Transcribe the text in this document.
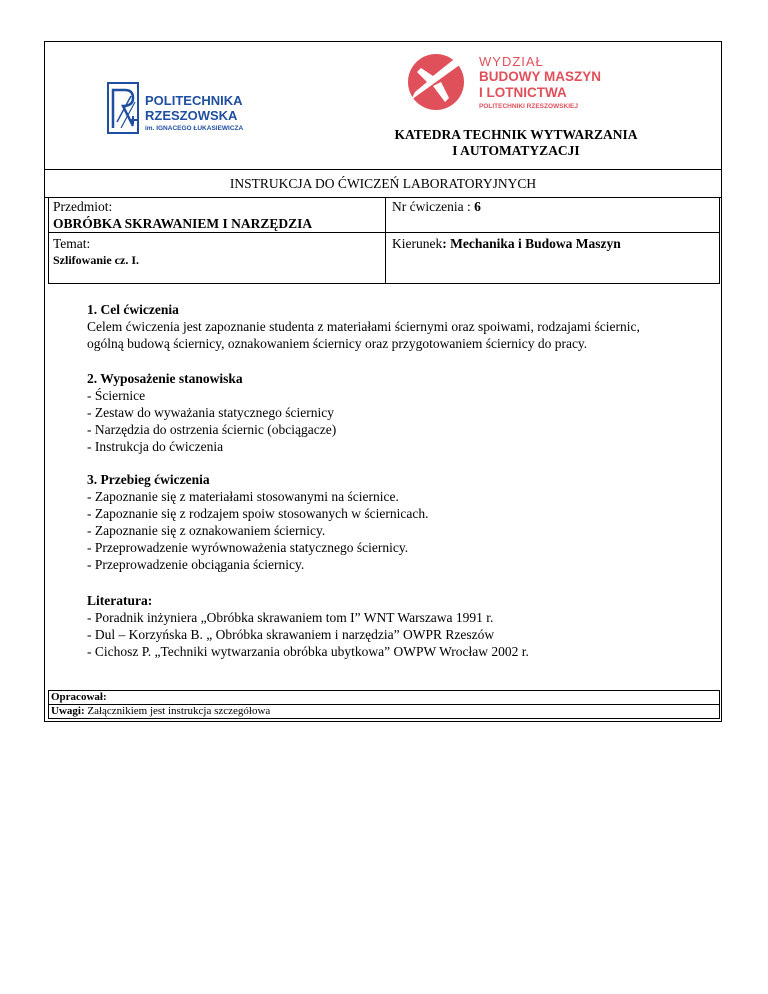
POLITECHNIKA
RZESZOWSKA
im. IGNACEGO ŁUKASIEWICZA
WYDZIAŁ
BUDOWY MASZYN
I LOTNICTWA
POLITECHNIKI RZESZOWSKIEJ
KATEDRA TECHNIK WYTWARZANIA
I AUTOMATYZACJI
INSTRUKCJA DO ĆWICZEŃ LABORATORYJNYCH
Przedmiot:
OBRÓBKA SKRAWANIEM I NARZĘDZIA
Nr ćwiczenia : 6
Temat:
Szlifowanie cz. I.
Kierunek: Mechanika i Budowa Maszyn
1. Cel ćwiczenia
Celem ćwiczenia jest zapoznanie studenta z materiałami ściernymi oraz spoiwami, rodzajami ściernic,
ogólną budową ściernicy, oznakowaniem ściernicy oraz przygotowaniem ściernicy do pracy.
2. Wyposażenie stanowiska

- Ściernice

- Zestaw do wyważania statycznego ściernicy

- Narzędzia do ostrzenia ściernic (obciągacze)

- Instrukcja do ćwiczenia

3. Przebieg ćwiczenia

- Zapoznanie się z materiałami stosowanymi na ściernice.

- Zapoznanie się z rodzajem spoiw stosowanych w ściernicach.

- Zapoznanie się z oznakowaniem ściernicy.

- Przeprowadzenie wyrównoważenia statycznego ściernicy.

- Przeprowadzenie obciągania ściernicy.

Literatura:

- Poradnik inżyniera „Obróbka skrawaniem tom I” WNT Warszawa 1991 r.

- Dul – Korzyńska B. „ Obróbka skrawaniem i narzędzia” OWPR Rzeszów

- Cichosz P. „Techniki wytwarzania obróbka ubytkowa” OWPW Wrocław 2002 r.

Opracował:
Uwagi: Załącznikiem jest instrukcja szczegółowa
